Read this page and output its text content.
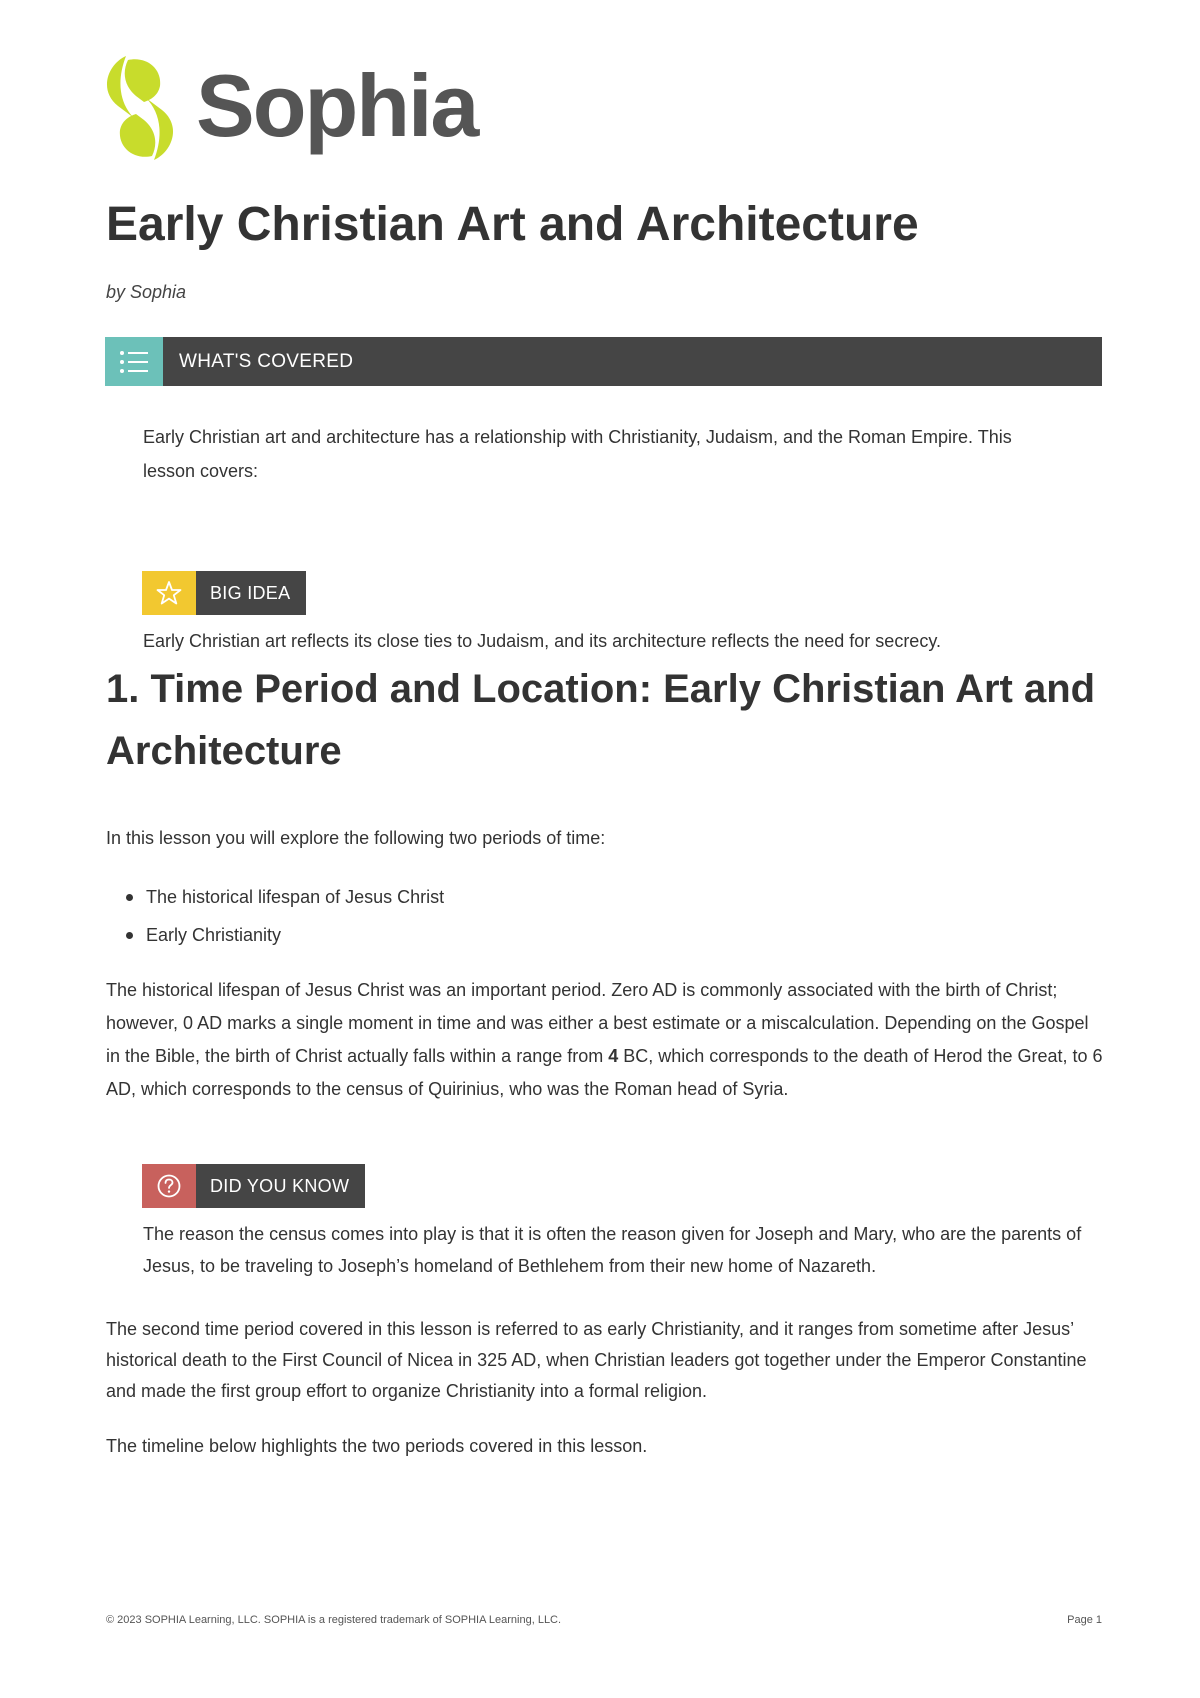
Sophia
Early Christian Art and Architecture
by Sophia
WHAT'S COVERED

Early Christian art and architecture has a relationship with Christianity, Judaism, and the Roman Empire. This lesson covers:

BIG IDEA

Early Christian art reflects its close ties to Judaism, and its architecture reflects the need for secrecy.

1. Time Period and Location: Early Christian Art and Architecture

In this lesson you will explore the following two periods of time:

The historical lifespan of Jesus Christ
Early Christianity

The historical lifespan of Jesus Christ was an important period. Zero AD is commonly associated with the birth of Christ; however, 0 AD marks a single moment in time and was either a best estimate or a miscalculation. Depending on the Gospel in the Bible, the birth of Christ actually falls within a range from 4 BC, which corresponds to the death of Herod the Great, to 6 AD, which corresponds to the census of Quirinius, who was the Roman head of Syria.

DID YOU KNOW

The reason the census comes into play is that it is often the reason given for Joseph and Mary, who are the parents of Jesus, to be traveling to Joseph’s homeland of Bethlehem from their new home of Nazareth.

The second time period covered in this lesson is referred to as early Christianity, and it ranges from sometime after Jesus’ historical death to the First Council of Nicea in 325 AD, when Christian leaders got together under the Emperor Constantine and made the first group effort to organize Christianity into a formal religion.

The timeline below highlights the two periods covered in this lesson.

© 2023 SOPHIA Learning, LLC. SOPHIA is a registered trademark of SOPHIA Learning, LLC.	Page 1
